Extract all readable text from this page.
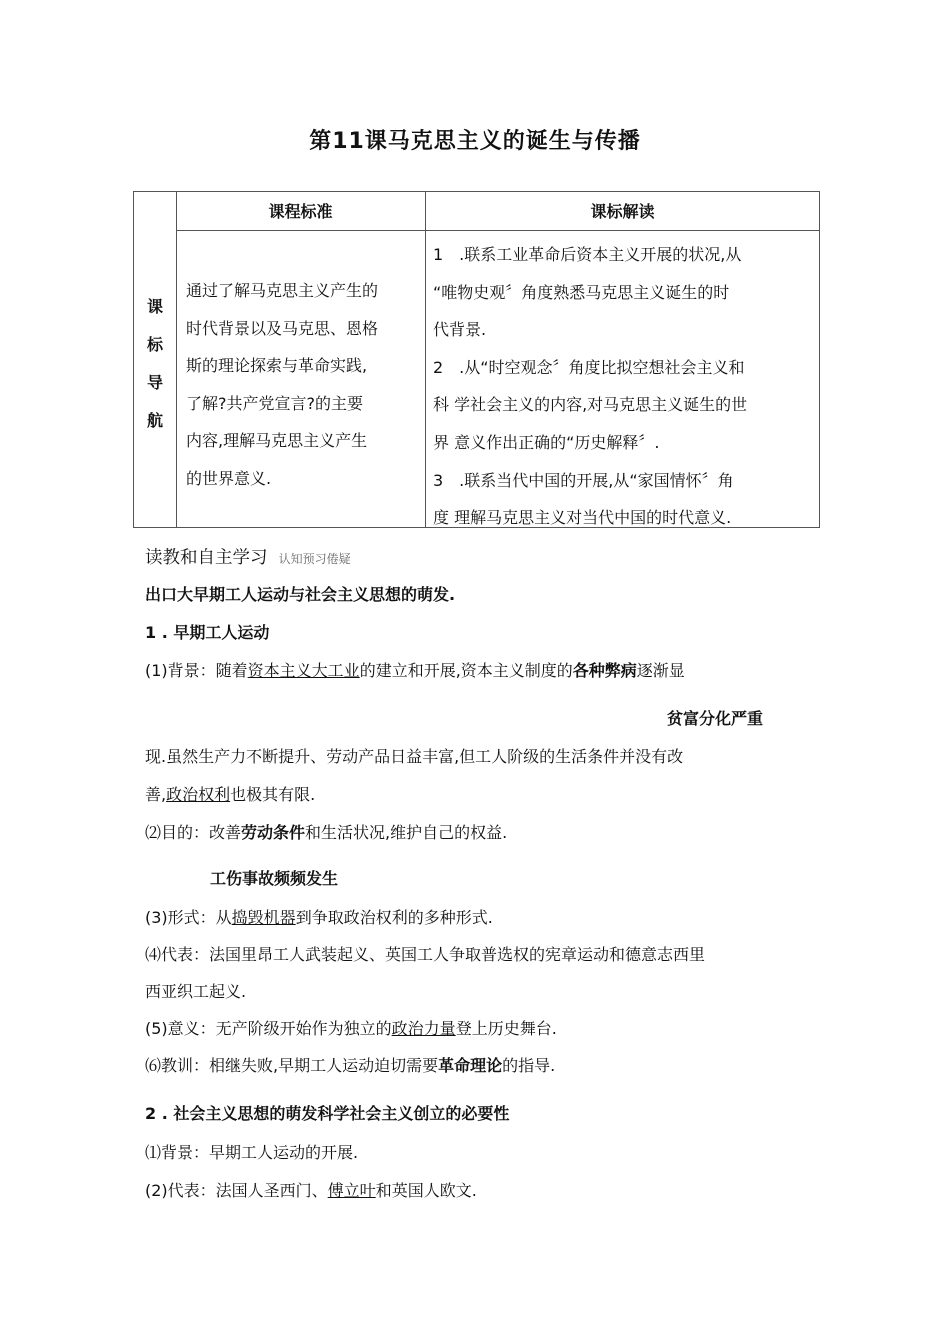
第11课马克思主义的诞生与传播
课
标
导
航
课程标准	课标解读
通过了解马克思主义产生的
时代背景以及马克思、恩格
斯的理论探索与革命实践,
了解?共产党宣言?的主要
内容,理解马克思主义产生
的世界意义.
1　.联系工业革命后资本主义开展的状况,从
“唯物史观〞角度熟悉马克思主义诞生的时
代背景.
2　.从“时空观念〞角度比拟空想社会主义和
科 学社会主义的内容,对马克思主义诞生的世
界 意义作出正确的“历史解释〞.
3　.联系当代中国的开展,从“家国情怀〞角
度 理解马克思主义对当代中国的时代意义.
读教和自主学习 认知预习倦疑
出口大早期工人运动与社会主义思想的萌发.
1 . 早期工人运动
(1)背景：随着资本主义大工业的建立和开展,资本主义制度的各种弊病逐渐显
贫富分化严重
现.虽然生产力不断提升、劳动产品日益丰富,但工人阶级的生活条件并没有改
善,政治权利也极其有限.
⑵目的：改善劳动条件和生活状况,维护自己的权益.
工伤事故频频发生
(3)形式：从捣毁机器到争取政治权利的多种形式.
⑷代表：法国里昂工人武装起义、英国工人争取普选权的宪章运动和德意志西里
西亚织工起义.
(5)意义：无产阶级开始作为独立的政治力量登上历史舞台.
⑹教训：相继失败,早期工人运动迫切需要革命理论的指导.
2 . 社会主义思想的萌发科学社会主义创立的必要性
⑴背景：早期工人运动的开展.
(2)代表：法国人圣西门、傅立叶和英国人欧文.
